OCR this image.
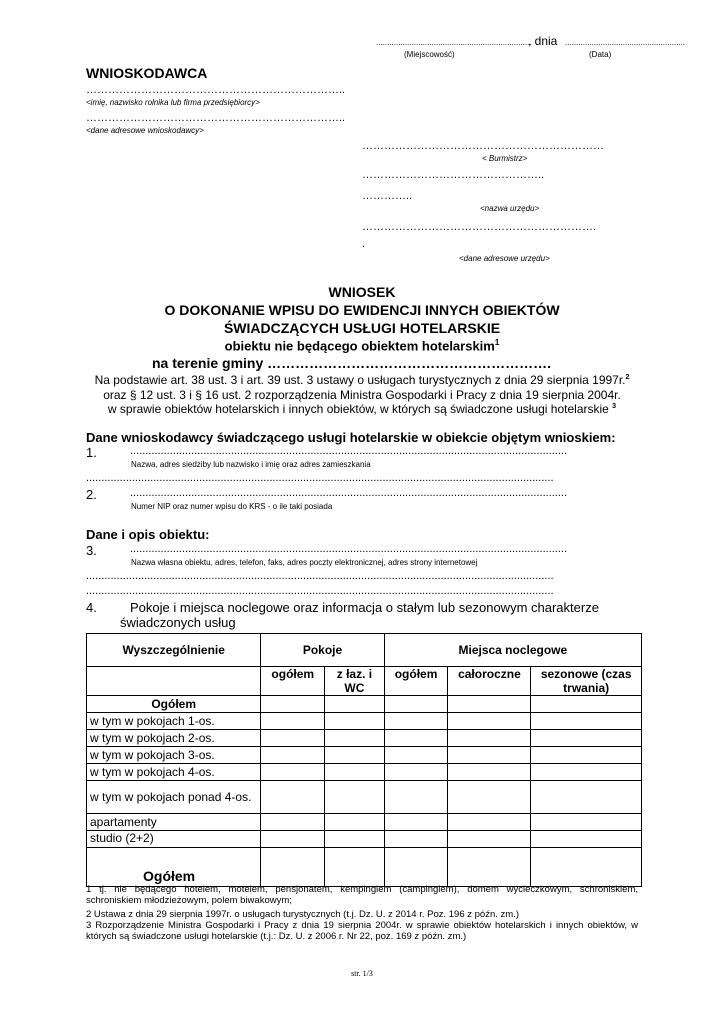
......................................................................
, dnia ......................................................
(Miejscowość)	(Data)
WNIOSKODAWCA
……………………………………………………………..
<imię, nazwisko rolnika lub firma przedsiębiorcy>
……………………………………………………………..
<dane adresowe wnioskodawcy>
…………………………………………………………
< Burmistrz>
…………………………………………..
…………..
<nazwa urzędu>
……………………………………………………….
.
<dane adresowe urzędu>
WNIOSEK
O DOKONANIE WPISU DO EWIDENCJI INNYCH OBIEKTÓW
ŚWIADCZĄCYCH USŁUGI HOTELARSKIE
obiektu nie będącego obiektem hotelarskim$^1$
na terenie gminy …………………………………………………….
Na podstawie art. 38 ust. 3 i art. 39 ust. 3 ustawy o usługach turystycznych z dnia 29 sierpnia 1997r.$^2$
oraz § 12 ust. 3 i § 16 ust. 2 rozporządzenia Ministra Gospodarki i Pracy z dnia 19 sierpnia 2004r.
w sprawie obiektów hotelarskich i innych obiektów, w których są świadczone usługi hotelarskie $^3$
Dane wnioskodawcy świadczącego usługi hotelarskie w obiekcie objętym wnioskiem:
1.	...............................................................................................................................................
Nazwa, adres siedziby lub nazwisko i imię oraz adres zamieszkania
.........................................................................................................................................................
2.	...............................................................................................................................................
Numer NIP oraz numer wpisu do KRS - o ile taki posiada
Dane i opis obiektu:
3.	...............................................................................................................................................
Nazwa własna obiektu, adres, telefon, faks, adres poczty elektronicznej, adres strony internetowej
.........................................................................................................................................................
.........................................................................................................................................................
4.	Pokoje i miejsca noclegowe oraz informacja o stałym lub sezonowym charakterze
świadczonych usług
Wyszczególnienie	Pokoje		Miejsca noclegowe		
	ogółem	z łaz. i WC	ogółem	całoroczne	sezonowe (czas trwania)
Ogółem					
w tym w pokojach 1-os.					
w tym w pokojach 2-os.					
w tym w pokojach 3-os.					
w tym w pokojach 4-os.					
w tym w pokojach ponad 4-os.					
apartamenty					
studio (2+2)					
Ogółem					
1 tj. nie będącego hotelem, motelem, pensjonatem, kempingiem (campingiem), domem wycieczkowym, schroniskiem, schroniskiem młodzieżowym, polem biwakowym;
2 Ustawa z dnia 29 sierpnia 1997r. o usługach turystycznych (t.j. Dz. U. z 2014 r. Poz. 196 z późn. zm.)
3 Rozporządzenie Ministra Gospodarki i Pracy z dnia 19 sierpnia 2004r. w sprawie obiektów hotelarskich i innych obiektów, w których są świadczone usługi hotelarskie (t.j.: Dz. U. z 2006 r. Nr 22, poz. 169 z późn. zm.)
str. 1/3
